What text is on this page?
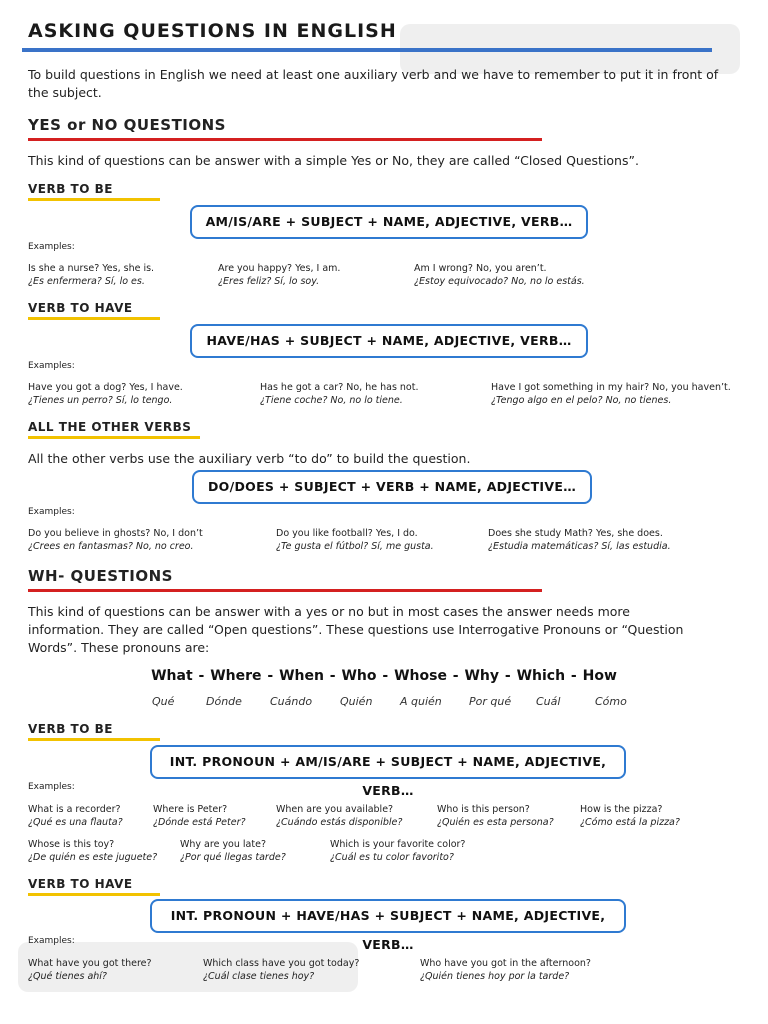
ASKING QUESTIONS IN ENGLISH
To build questions in English we need at least one auxiliary verb and we have to remember to put it in front of the subject.
YES or NO QUESTIONS
This kind of questions can be answer with a simple Yes or No, they are called “Closed Questions”.
VERB TO BE
AM/IS/ARE + SUBJECT + NAME, ADJECTIVE, VERB…
Examples:
Is she a nurse? Yes, she is.
¿Es enfermera? Sí, lo es.
Are you happy? Yes, I am.
¿Eres feliz? Sí, lo soy.
Am I wrong? No, you aren’t.
¿Estoy equivocado? No, no lo estás.
VERB TO HAVE
HAVE/HAS + SUBJECT + NAME, ADJECTIVE, VERB…
Examples:
Have you got a dog? Yes, I have.
¿Tienes un perro? Sí, lo tengo.
Has he got a car? No, he has not.
¿Tiene coche? No, no lo tiene.
Have I got something in my hair? No, you haven’t.
¿Tengo algo en el pelo? No, no tienes.
ALL THE OTHER VERBS
All the other verbs use the auxiliary verb “to do” to build the question.
DO/DOES + SUBJECT + VERB + NAME, ADJECTIVE…
Examples:
Do you believe in ghosts? No, I don’t
¿Crees en fantasmas? No, no creo.
Do you like football? Yes, I do.
¿Te gusta el fútbol? Sí, me gusta.
Does she study Math? Yes, she does.
¿Estudia matemáticas? Sí, las estudia.
WH- QUESTIONS
This kind of questions can be answer with a yes or no but in most cases the answer needs more
information. They are called “Open questions”. These questions use Interrogative Pronouns or “Question
Words”. These pronouns are:
What - Where - When - Who - Whose - Why - Which - How
Qué	Dónde	Cuándo	Quién	A quién Por qué Cuál	Cómo
VERB TO BE
INT. PRONOUN + AM/IS/ARE + SUBJECT + NAME, ADJECTIVE, VERB…
Examples:
What is a recorder?
¿Qué es una flauta?
Where is Peter?
¿Dónde está Peter?
When are you available?
¿Cuándo estás disponible?
Who is this person?
¿Quién es esta persona?
How is the pizza?
¿Cómo está la pizza?
Whose is this toy?
¿De quién es este juguete?
Why are you late?
¿Por qué llegas tarde?
Which is your favorite color?
¿Cuál es tu color favorito?
VERB TO HAVE
INT. PRONOUN + HAVE/HAS + SUBJECT + NAME, ADJECTIVE, VERB…
Examples:
What have you got there?
¿Qué tienes ahí?
Which class have you got today?
¿Cuál clase tienes hoy?
Who have you got in the afternoon?
¿Quién tienes hoy por la tarde?
